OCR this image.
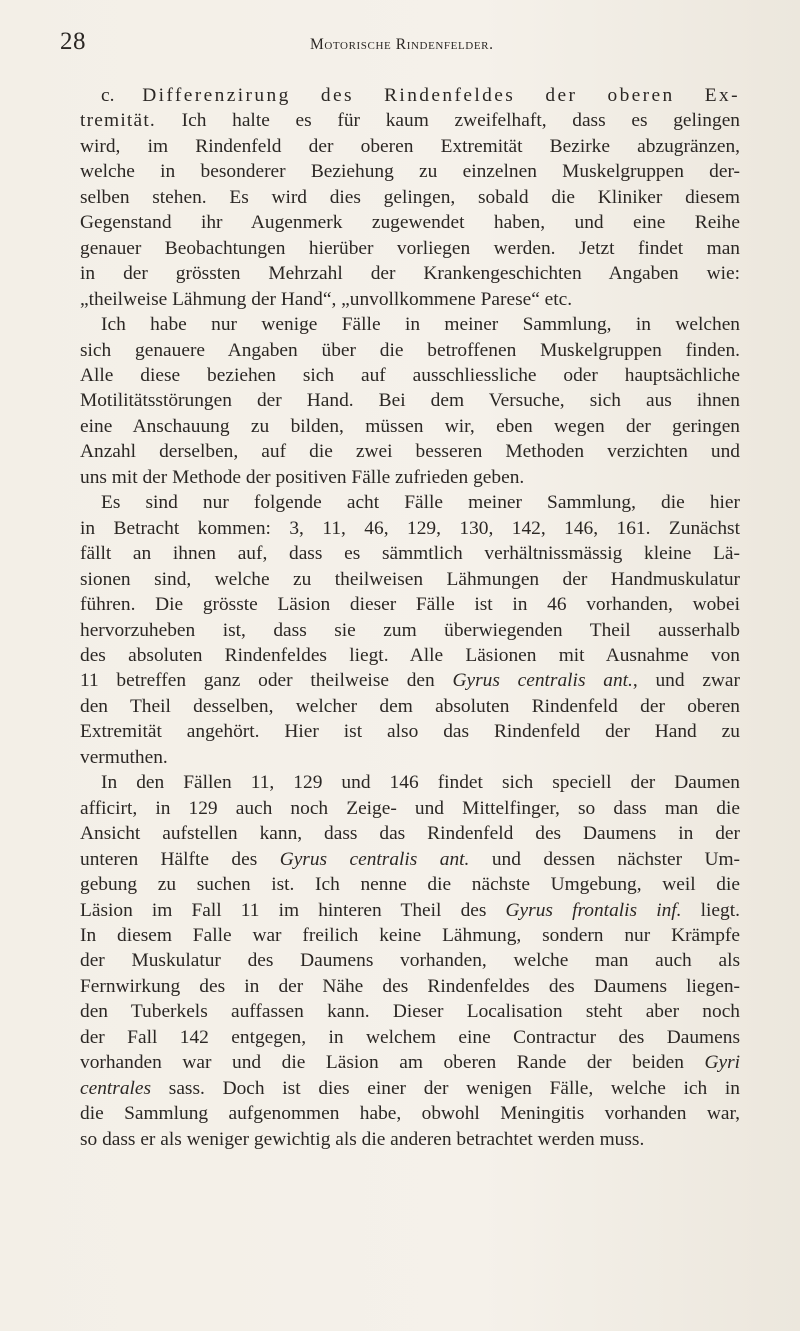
28	Motorische Rindenfelder.
c. Differenzirung des Rindenfeldes der oberen Ex-
tremität. Ich halte es für kaum zweifelhaft, dass es gelingen
wird, im Rindenfeld der oberen Extremität Bezirke abzugränzen,
welche in besonderer Beziehung zu einzelnen Muskelgruppen der-
selben stehen. Es wird dies gelingen, sobald die Kliniker diesem
Gegenstand ihr Augenmerk zugewendet haben, und eine Reihe
genauer Beobachtungen hierüber vorliegen werden. Jetzt findet man
in der grössten Mehrzahl der Krankengeschichten Angaben wie:
„theilweise Lähmung der Hand“, „unvollkommene Parese“ etc.
Ich habe nur wenige Fälle in meiner Sammlung, in welchen
sich genauere Angaben über die betroffenen Muskelgruppen finden.
Alle diese beziehen sich auf ausschliessliche oder hauptsächliche
Motilitätsstörungen der Hand. Bei dem Versuche, sich aus ihnen
eine Anschauung zu bilden, müssen wir, eben wegen der geringen
Anzahl derselben, auf die zwei besseren Methoden verzichten und
uns mit der Methode der positiven Fälle zufrieden geben.
Es sind nur folgende acht Fälle meiner Sammlung, die hier
in Betracht kommen: 3, 11, 46, 129, 130, 142, 146, 161. Zunächst
fällt an ihnen auf, dass es sämmtlich verhältnissmässig kleine Lä-
sionen sind, welche zu theilweisen Lähmungen der Handmuskulatur
führen. Die grösste Läsion dieser Fälle ist in 46 vorhanden, wobei
hervorzuheben ist, dass sie zum überwiegenden Theil ausserhalb
des absoluten Rindenfeldes liegt. Alle Läsionen mit Ausnahme von
11 betreffen ganz oder theilweise den Gyrus centralis ant., und zwar
den Theil desselben, welcher dem absoluten Rindenfeld der oberen
Extremität angehört. Hier ist also das Rindenfeld der Hand zu
vermuthen.
In den Fällen 11, 129 und 146 findet sich speciell der Daumen
afficirt, in 129 auch noch Zeige- und Mittelfinger, so dass man die
Ansicht aufstellen kann, dass das Rindenfeld des Daumens in der
unteren Hälfte des Gyrus centralis ant. und dessen nächster Um-
gebung zu suchen ist. Ich nenne die nächste Umgebung, weil die
Läsion im Fall 11 im hinteren Theil des Gyrus frontalis inf. liegt.
In diesem Falle war freilich keine Lähmung, sondern nur Krämpfe
der Muskulatur des Daumens vorhanden, welche man auch als
Fernwirkung des in der Nähe des Rindenfeldes des Daumens liegen-
den Tuberkels auffassen kann. Dieser Localisation steht aber noch
der Fall 142 entgegen, in welchem eine Contractur des Daumens
vorhanden war und die Läsion am oberen Rande der beiden Gyri
centrales sass. Doch ist dies einer der wenigen Fälle, welche ich in
die Sammlung aufgenommen habe, obwohl Meningitis vorhanden war,
so dass er als weniger gewichtig als die anderen betrachtet werden muss.
